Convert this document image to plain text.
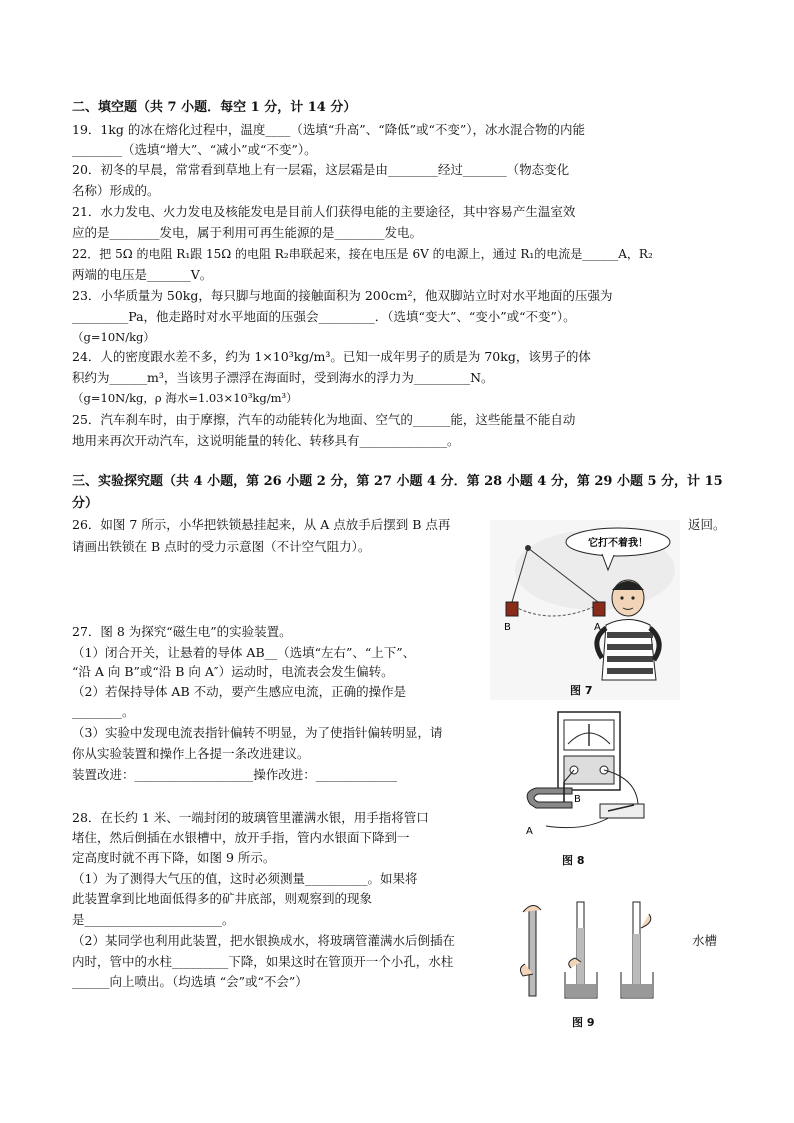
二、填空题（共 7 小题．每空 1 分，计 14 分）
19．1kg 的冰在熔化过程中，温度____（选填“升高”、“降低”或“不变”），冰水混合物的内能
________（选填“增大”、“减小”或“不变”）。
20．初冬的早晨，常常看到草地上有一层霜，这层霜是由________经过_______（物态变化
名称）形成的。
21．水力发电、火力发电及核能发电是目前人们获得电能的主要途径，其中容易产生温室效
应的是________发电，属于利用可再生能源的是________发电。
22．把 5Ω 的电阻 R₁跟 15Ω 的电阻 R₂串联起来，接在电压是 6V 的电源上，通过 R₁的电流是______A，R₂
两端的电压是_______V。
23．小华质量为 50kg，每只脚与地面的接触面积为 200cm²，他双脚站立时对水平地面的压强为
_________Pa，他走路时对水平地面的压强会_________．（选填“变大”、“变小”或“不变”）。
（g=10N/kg）
24．人的密度跟水差不多，约为 1×10³kg/m³。已知一成年男子的质是为 70kg，该男子的体
积约为______m³，当该男子漂浮在海面时，受到海水的浮力为_________N。
（g=10N/kg，ρ 海水=1.03×10³kg/m³）
25．汽车刹车时，由于摩擦，汽车的动能转化为地面、空气的______能，这些能量不能自动
地用来再次开动汽车，这说明能量的转化、转移具有______________。
三、实验探究题（共 4 小题，第 26 小题 2 分，第 27 小题 4 分．第 28 小题 4 分，第 29 小题 5 分，计 15
分）
26．如图 7 所示，小华把铁锁悬挂起来，从 A 点放手后摆到 B 点再	返回。
请画出铁锁在 B 点时的受力示意图（不计空气阻力）。
27．图 8 为探究“磁生电”的实验装置。
（1）闭合开关，让悬着的导体 AB__（选填“左右”、“上下”、
“沿 A 向 B”或“沿 B 向 A″）运动时，电流表会发生偏转。
（2）若保持导体 AB 不动，要产生感应电流，正确的操作是
________。
（3）实验中发现电流表指针偏转不明显，为了使指针偏转明显，请
你从实验装置和操作上各提一条改进建议。
装置改进：___________________操作改进：_____________
28．在长约 1 米、一端封闭的玻璃管里灌满水银，用手指将管口
堵住，然后倒插在水银槽中，放开手指，管内水银面下降到一
定高度时就不再下降，如图 9 所示。
（1）为了测得大气压的值，这时必须测量__________。如果将
此装置拿到比地面低得多的矿井底部，则观察到的现象
是______________________。
（2）某同学也利用此装置，把水银换成水，将玻璃管灌满水后倒插在	水槽
内时，管中的水柱_________下降，如果这时在管顶开一个小孔，水柱
______向上喷出。（均选填 “会”或“不会”）
它打不着我！
B	A
图 7
B
A
图 8
图 9
